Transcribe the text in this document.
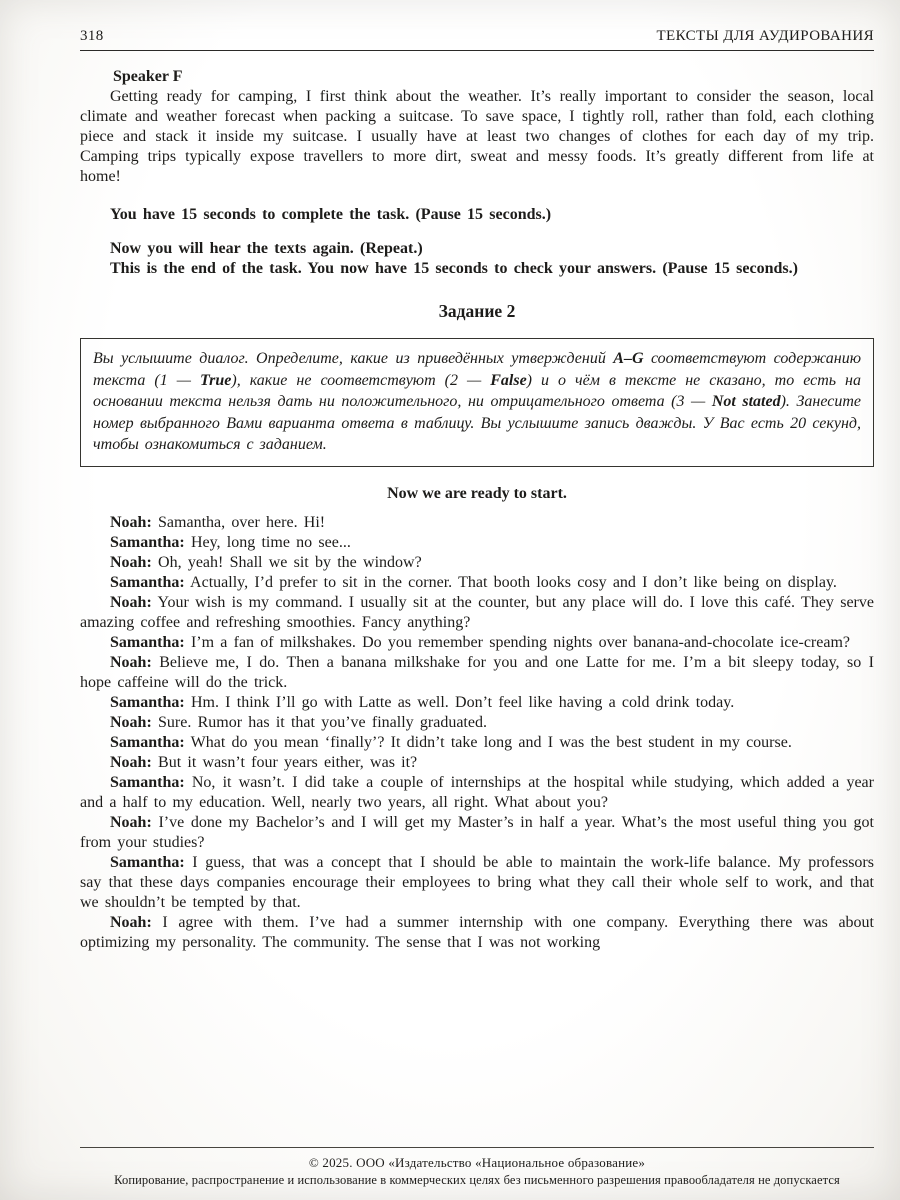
318	ТЕКСТЫ ДЛЯ АУДИРОВАНИЯ

Speaker F

Getting ready for camping, I first think about the weather. It’s really important to consider the season, local climate and weather forecast when packing a suitcase. To save space, I tightly roll, rather than fold, each clothing piece and stack it inside my suitcase. I usually have at least two changes of clothes for each day of my trip. Camping trips typically expose travellers to more dirt, sweat and messy foods. It’s greatly different from life at home!

You have 15 seconds to complete the task. (Pause 15 seconds.)

Now you will hear the texts again. (Repeat.)

This is the end of the task. You now have 15 seconds to check your answers. (Pause 15 seconds.)

Задание 2

Вы услышите диалог. Определите, какие из приведённых утверждений A–G соответствуют содержанию текста (1 — True), какие не соответствуют (2 — False) и о чём в тексте не сказано, то есть на основании текста нельзя дать ни положительного, ни отрицательного ответа (3 — Not stated). Занесите номер выбранного Вами варианта ответа в таблицу. Вы услышите запись дважды. У Вас есть 20 секунд, чтобы ознакомиться с заданием.

Now we are ready to start.

Noah: Samantha, over here. Hi!

Samantha: Hey, long time no see...

Noah: Oh, yeah! Shall we sit by the window?

Samantha: Actually, I’d prefer to sit in the corner. That booth looks cosy and I don’t like being on display.

Noah: Your wish is my command. I usually sit at the counter, but any place will do. I love this café. They serve amazing coffee and refreshing smoothies. Fancy anything?

Samantha: I’m a fan of milkshakes. Do you remember spending nights over banana-and-chocolate ice-cream?

Noah: Believe me, I do. Then a banana milkshake for you and one Latte for me. I’m a bit sleepy today, so I hope caffeine will do the trick.

Samantha: Hm. I think I’ll go with Latte as well. Don’t feel like having a cold drink today.

Noah: Sure. Rumor has it that you’ve finally graduated.

Samantha: What do you mean ‘finally’? It didn’t take long and I was the best student in my course.

Noah: But it wasn’t four years either, was it?

Samantha: No, it wasn’t. I did take a couple of internships at the hospital while studying, which added a year and a half to my education. Well, nearly two years, all right. What about you?

Noah: I’ve done my Bachelor’s and I will get my Master’s in half a year. What’s the most useful thing you got from your studies?

Samantha: I guess, that was a concept that I should be able to maintain the work-life balance. My professors say that these days companies encourage their employees to bring what they call their whole self to work, and that we shouldn’t be tempted by that.

Noah: I agree with them. I’ve had a summer internship with one company. Everything there was about optimizing my personality. The community. The sense that I was not working

© 2025. ООО «Издательство «Национальное образование»

Копирование, распространение и использование в коммерческих целях без письменного разрешения правообладателя не допускается
